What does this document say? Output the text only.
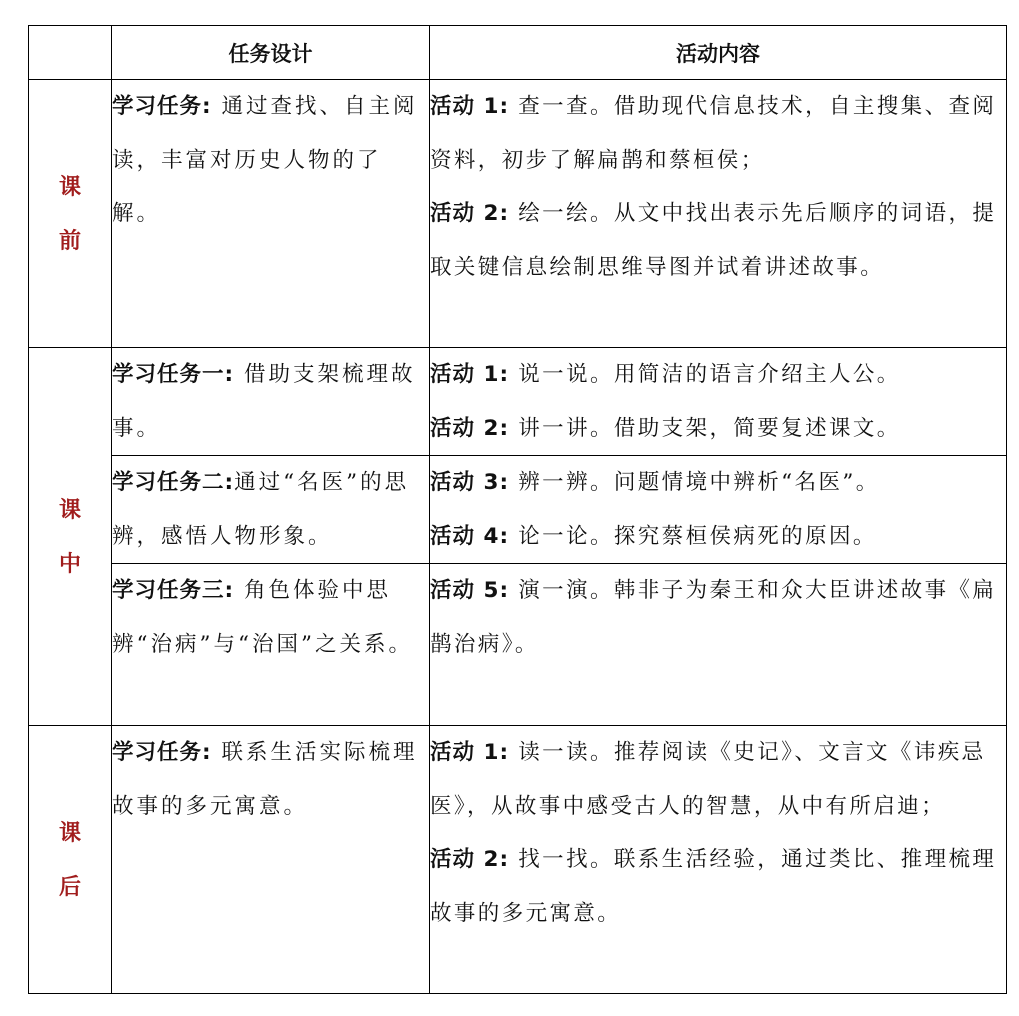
	任务设计	活动内容

课
前	学习任务: 通过查找、自主阅读，丰富对历史人物的了解。	活动 1: 查一查。借助现代信息技术，自主搜集、查阅资料，初步了解扁鹊和蔡桓侯；
活动 2: 绘一绘。从文中找出表示先后顺序的词语，提取关键信息绘制思维导图并试着讲述故事。

课
中	学习任务一: 借助支架梳理故事。	活动 1: 说一说。用简洁的语言介绍主人公。
活动 2: 讲一讲。借助支架，简要复述课文。

	学习任务二:通过“名医”的思辨，感悟人物形象。	活动 3: 辨一辨。问题情境中辨析“名医”。
活动 4: 论一论。探究蔡桓侯病死的原因。

	学习任务三: 角色体验中思辨“治病”与“治国”之关系。	活动 5: 演一演。韩非子为秦王和众大臣讲述故事《扁鹊治病》。

课
后	学习任务: 联系生活实际梳理故事的多元寓意。	活动 1: 读一读。推荐阅读《史记》、文言文《讳疾忌医》，从故事中感受古人的智慧，从中有所启迪；
活动 2: 找一找。联系生活经验，通过类比、推理梳理故事的多元寓意。
